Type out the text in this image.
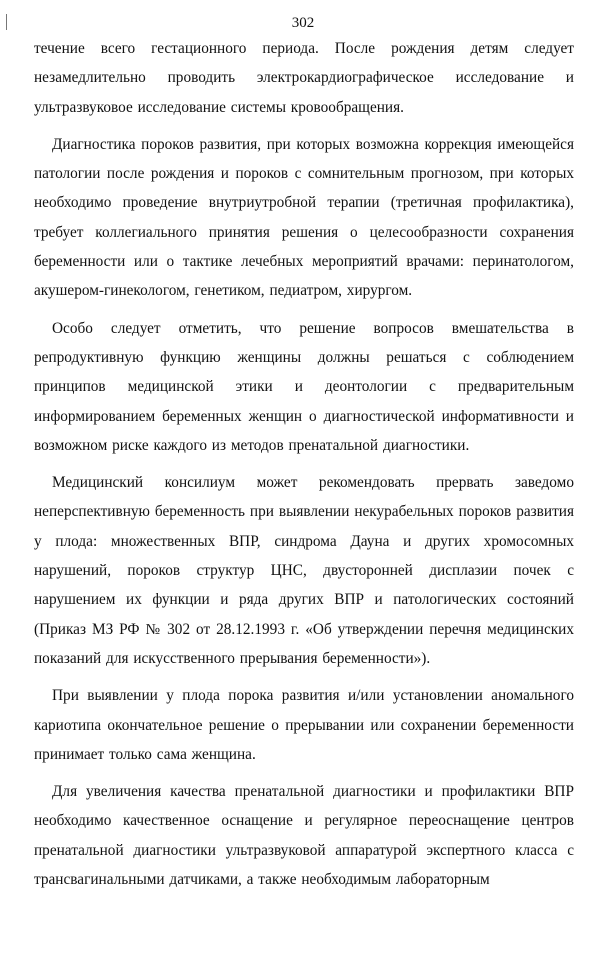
302

течение всего гестационного периода. После рождения детям следует незамедлительно проводить электрокардиографическое исследование и ультразвуковое исследование системы кровообращения.

Диагностика пороков развития, при которых возможна коррекция имеющейся патологии после рождения и пороков с сомнительным прогнозом, при которых необходимо проведение внутриутробной терапии (третичная профилактика), требует коллегиального принятия решения о целесообразности сохранения беременности или о тактике лечебных мероприятий врачами: перинатологом, акушером-гинекологом, генетиком, педиатром, хирургом.

Особо следует отметить, что решение вопросов вмешательства в репродуктивную функцию женщины должны решаться с соблюдением принципов медицинской этики и деонтологии с предварительным информированием беременных женщин о диагностической информативности и возможном риске каждого из методов пренатальной диагностики.

Медицинский консилиум может рекомендовать прервать заведомо неперспективную беременность при выявлении некурабельных пороков развития у плода: множественных ВПР, синдрома Дауна и других хромосомных нарушений, пороков структур ЦНС, двусторонней дисплазии почек с нарушением их функции и ряда других ВПР и патологических состояний (Приказ МЗ РФ № 302 от 28.12.1993 г. «Об утверждении перечня медицинских показаний для искусственного прерывания беременности»).

При выявлении у плода порока развития и/или установлении аномального кариотипа окончательное решение о прерывании или сохранении беременности принимает только сама женщина.

Для увеличения качества пренатальной диагностики и профилактики ВПР необходимо качественное оснащение и регулярное переоснащение центров пренатальной диагностики ультразвуковой аппаратурой экспертного класса с трансвагинальными датчиками, а также необходимым лабораторным
